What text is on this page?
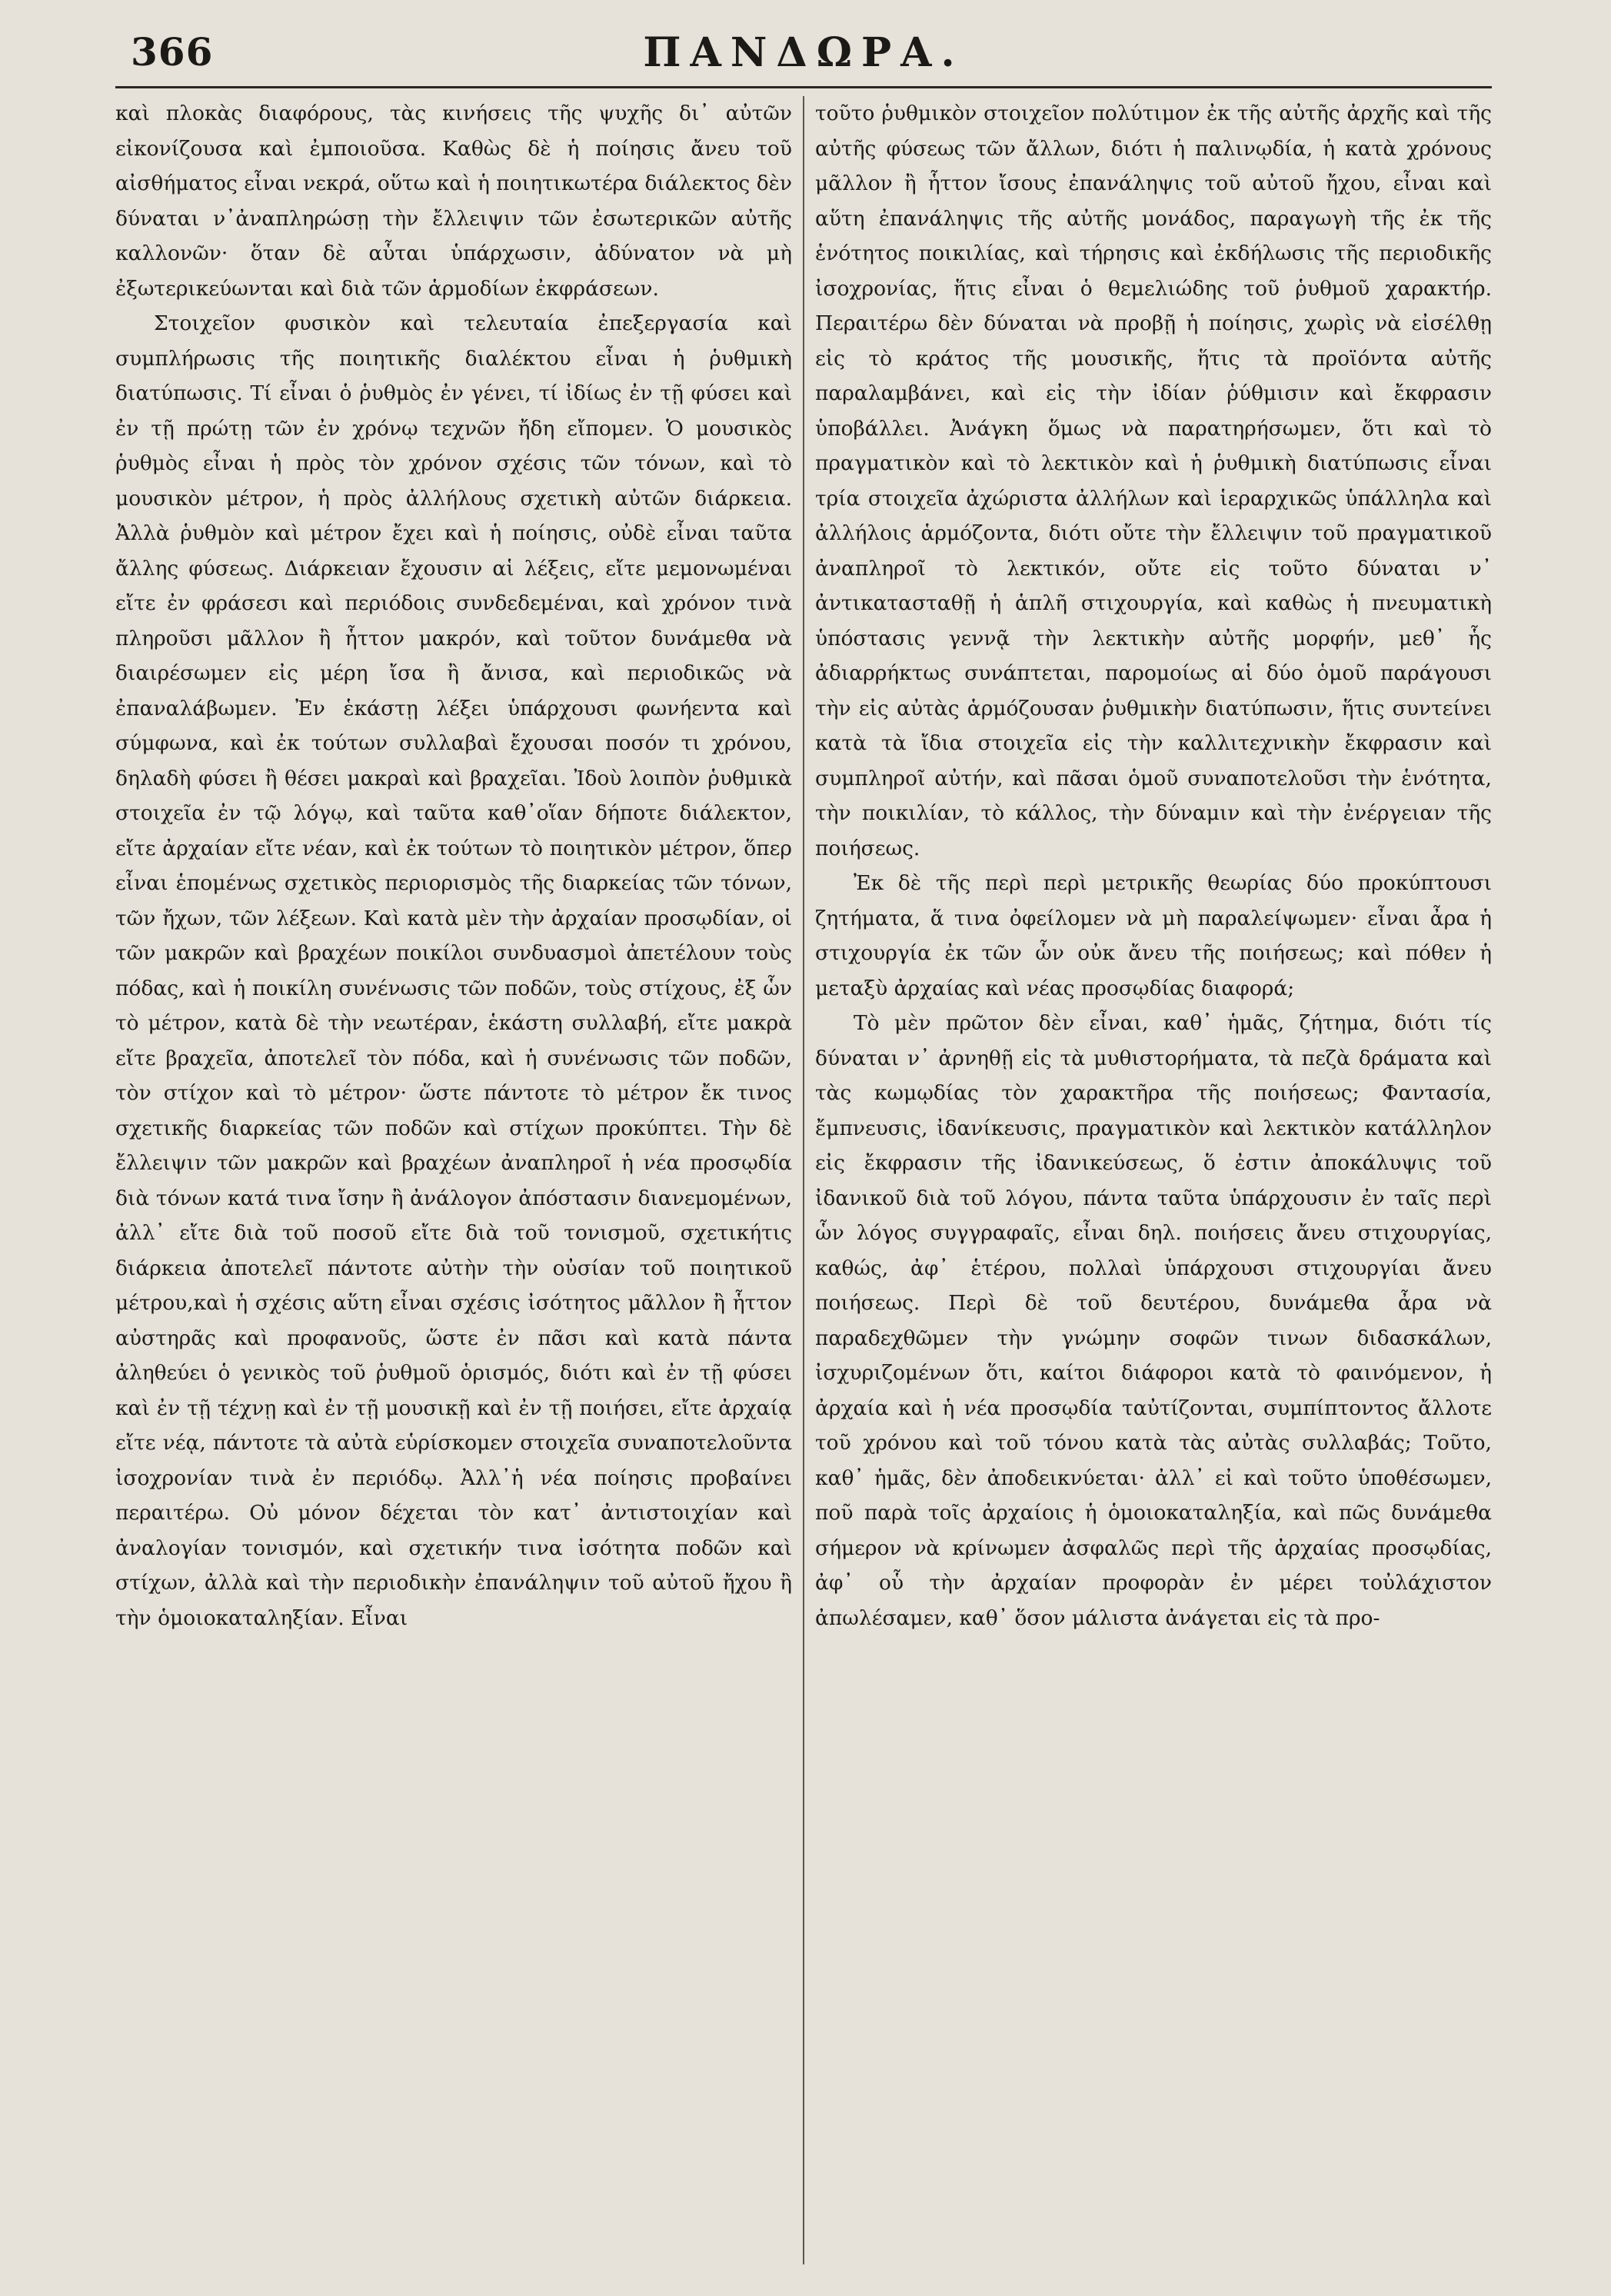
366	ΠΑΝΔΩΡΑ.

καὶ πλοκὰς διαφόρους, τὰς κινήσεις τῆς ψυχῆς δι᾽ αὐτῶν εἰκονίζουσα καὶ ἐμποιοῦσα. Καθὼς δὲ ἡ ποίησις ἄνευ τοῦ αἰσθήματος εἶναι νεκρά, οὕτω καὶ ἡ ποιητικωτέρα διάλεκτος δὲν δύναται ν᾽ἀναπληρώσῃ τὴν ἔλλειψιν τῶν ἐσωτερικῶν αὐτῆς καλλονῶν· ὅταν δὲ αὗται ὑπάρχωσιν, ἀδύνατον νὰ μὴ ἐξωτερικεύωνται καὶ διὰ τῶν ἁρμοδίων ἐκφράσεων.

Στοιχεῖον φυσικὸν καὶ τελευταία ἐπεξεργασία καὶ συμπλήρωσις τῆς ποιητικῆς διαλέκτου εἶναι ἡ ῥυθμικὴ διατύπωσις. Τί εἶναι ὁ ῥυθμὸς ἐν γένει, τί ἰδίως ἐν τῇ φύσει καὶ ἐν τῇ πρώτῃ τῶν ἐν χρόνῳ τεχνῶν ἤδη εἴπομεν. Ὁ μουσικὸς ῥυθμὸς εἶναι ἡ πρὸς τὸν χρόνον σχέσις τῶν τόνων, καὶ τὸ μουσικὸν μέτρον, ἡ πρὸς ἀλλήλους σχετικὴ αὐτῶν διάρκεια. Ἀλλὰ ῥυθμὸν καὶ μέτρον ἔχει καὶ ἡ ποίησις, οὐδὲ εἶναι ταῦτα ἄλλης φύσεως. Διάρκειαν ἔχουσιν αἱ λέξεις, εἴτε μεμονωμέναι εἴτε ἐν φράσεσι καὶ περιόδοις συνδεδεμέναι, καὶ χρόνον τινὰ πληροῦσι μᾶλλον ἢ ἧττον μακρόν, καὶ τοῦτον δυνάμεθα νὰ διαιρέσωμεν εἰς μέρη ἴσα ἢ ἄνισα, καὶ περιοδικῶς νὰ ἐπαναλάβωμεν. Ἐν ἑκάστῃ λέξει ὑπάρχουσι φωνήεντα καὶ σύμφωνα, καὶ ἐκ τούτων συλλαβαὶ ἔχουσαι ποσόν τι χρόνου, δηλαδὴ φύσει ἢ θέσει μακραὶ καὶ βραχεῖαι. Ἰδοὺ λοιπὸν ῥυθμικὰ στοιχεῖα ἐν τῷ λόγῳ, καὶ ταῦτα καθ᾽οἵαν δήποτε διάλεκτον, εἴτε ἀρχαίαν εἴτε νέαν, καὶ ἐκ τούτων τὸ ποιητικὸν μέτρον, ὅπερ εἶναι ἑπομένως σχετικὸς περιορισμὸς τῆς διαρκείας τῶν τόνων, τῶν ἤχων, τῶν λέξεων. Καὶ κατὰ μὲν τὴν ἀρχαίαν προσῳδίαν, οἱ τῶν μακρῶν καὶ βραχέων ποικίλοι συνδυασμοὶ ἀπετέλουν τοὺς πόδας, καὶ ἡ ποικίλη συνένωσις τῶν ποδῶν, τοὺς στίχους, ἐξ ὧν τὸ μέτρον, κατὰ δὲ τὴν νεωτέραν, ἑκάστη συλλαβή, εἴτε μακρὰ εἴτε βραχεῖα, ἀποτελεῖ τὸν πόδα, καὶ ἡ συνένωσις τῶν ποδῶν, τὸν στίχον καὶ τὸ μέτρον· ὥστε πάντοτε τὸ μέτρον ἔκ τινος σχετικῆς διαρκείας τῶν ποδῶν καὶ στίχων προκύπτει. Τὴν δὲ ἔλλειψιν τῶν μακρῶν καὶ βραχέων ἀναπληροῖ ἡ νέα προσῳδία διὰ τόνων κατά τινα ἴσην ἢ ἀνάλογον ἀπόστασιν διανεμομένων, ἀλλ᾽ εἴτε διὰ τοῦ ποσοῦ εἴτε διὰ τοῦ τονισμοῦ, σχετικήτις διάρκεια ἀποτελεῖ πάντοτε αὐτὴν τὴν οὐσίαν τοῦ ποιητικοῦ μέτρου,καὶ ἡ σχέσις αὕτη εἶναι σχέσις ἰσότητος μᾶλλον ἢ ἧττον αὐστηρᾶς καὶ προφανοῦς, ὥστε ἐν πᾶσι καὶ κατὰ πάντα ἀληθεύει ὁ γενικὸς τοῦ ῥυθμοῦ ὁρισμός, διότι καὶ ἐν τῇ φύσει καὶ ἐν τῇ τέχνῃ καὶ ἐν τῇ μουσικῇ καὶ ἐν τῇ ποιήσει, εἴτε ἀρχαίᾳ εἴτε νέᾳ, πάντοτε τὰ αὐτὰ εὑρίσκομεν στοιχεῖα συναποτελοῦντα ἰσοχρονίαν τινὰ ἐν περιόδῳ. Ἀλλ᾽ἡ νέα ποίησις προβαίνει περαιτέρω. Οὐ μόνον δέχεται τὸν κατ᾽ ἀντιστοιχίαν καὶ ἀναλογίαν τονισμόν, καὶ σχετικήν τινα ἰσότητα ποδῶν καὶ στίχων, ἀλλὰ καὶ τὴν περιοδικὴν ἐπανάληψιν τοῦ αὐτοῦ ἤχου ἢ τὴν ὁμοιοκαταληξίαν. Εἶναι

τοῦτο ῥυθμικὸν στοιχεῖον πολύτιμον ἐκ τῆς αὐτῆς ἀρχῆς καὶ τῆς αὐτῆς φύσεως τῶν ἄλλων, διότι ἡ παλινῳδία, ἡ κατὰ χρόνους μᾶλλον ἢ ἧττον ἴσους ἐπανάληψις τοῦ αὐτοῦ ἤχου, εἶναι καὶ αὕτη ἐπανάληψις τῆς αὐτῆς μονάδος, παραγωγὴ τῆς ἐκ τῆς ἑνότητος ποικιλίας, καὶ τήρησις καὶ ἐκδήλωσις τῆς περιοδικῆς ἰσοχρονίας, ἥτις εἶναι ὁ θεμελιώδης τοῦ ῥυθμοῦ χαρακτήρ. Περαιτέρω δὲν δύναται νὰ προβῇ ἡ ποίησις, χωρὶς νὰ εἰσέλθῃ εἰς τὸ κράτος τῆς μουσικῆς, ἥτις τὰ προϊόντα αὐτῆς παραλαμβάνει, καὶ εἰς τὴν ἰδίαν ῥύθμισιν καὶ ἔκφρασιν ὑποβάλλει. Ἀνάγκη ὅμως νὰ παρατηρήσωμεν, ὅτι καὶ τὸ πραγματικὸν καὶ τὸ λεκτικὸν καὶ ἡ ῥυθμικὴ διατύπωσις εἶναι τρία στοιχεῖα ἀχώριστα ἀλλήλων καὶ ἱεραρχικῶς ὑπάλληλα καὶ ἀλλήλοις ἁρμόζοντα, διότι οὔτε τὴν ἔλλειψιν τοῦ πραγματικοῦ ἀναπληροῖ τὸ λεκτικόν, οὔτε εἰς τοῦτο δύναται ν᾽ ἀντικατασταθῇ ἡ ἁπλῆ στιχουργία, καὶ καθὼς ἡ πνευματικὴ ὑπόστασις γεννᾷ τὴν λεκτικὴν αὐτῆς μορφήν, μεθ᾽ ἧς ἀδιαρρήκτως συνάπτεται, παρομοίως αἱ δύο ὁμοῦ παράγουσι τὴν εἰς αὐτὰς ἁρμόζουσαν ῥυθμικὴν διατύπωσιν, ἥτις συντείνει κατὰ τὰ ἴδια στοιχεῖα εἰς τὴν καλλιτεχνικὴν ἔκφρασιν καὶ συμπληροῖ αὐτήν, καὶ πᾶσαι ὁμοῦ συναποτελοῦσι τὴν ἑνότητα, τὴν ποικιλίαν, τὸ κάλλος, τὴν δύναμιν καὶ τὴν ἐνέργειαν τῆς ποιήσεως.

Ἐκ δὲ τῆς περὶ περὶ μετρικῆς θεωρίας δύο προκύπτουσι ζητήματα, ἅ τινα ὀφείλομεν νὰ μὴ παραλείψωμεν· εἶναι ἆρα ἡ στιχουργία ἐκ τῶν ὧν οὐκ ἄνευ τῆς ποιήσεως; καὶ πόθεν ἡ μεταξὺ ἀρχαίας καὶ νέας προσῳδίας διαφορά;

Τὸ μὲν πρῶτον δὲν εἶναι, καθ᾽ ἡμᾶς, ζήτημα, διότι τίς δύναται ν᾽ ἀρνηθῇ εἰς τὰ μυθιστορήματα, τὰ πεζὰ δράματα καὶ τὰς κωμῳδίας τὸν χαρακτῆρα τῆς ποιήσεως; Φαντασία, ἔμπνευσις, ἰδανίκευσις, πραγματικὸν καὶ λεκτικὸν κατάλληλον εἰς ἔκφρασιν τῆς ἰδανικεύσεως, ὅ ἐστιν ἀποκάλυψις τοῦ ἰδανικοῦ διὰ τοῦ λόγου, πάντα ταῦτα ὑπάρχουσιν ἐν ταῖς περὶ ὧν λόγος συγγραφαῖς, εἶναι δηλ. ποιήσεις ἄνευ στιχουργίας, καθώς, ἀφ᾽ ἑτέρου, πολλαὶ ὑπάρχουσι στιχουργίαι ἄνευ ποιήσεως. Περὶ δὲ τοῦ δευτέρου, δυνάμεθα ἆρα νὰ παραδεχθῶμεν τὴν γνώμην σοφῶν τινων διδασκάλων, ἰσχυριζομένων ὅτι, καίτοι διάφοροι κατὰ τὸ φαινόμενον, ἡ ἀρχαία καὶ ἡ νέα προσῳδία ταὐτίζονται, συμπίπτοντος ἄλλοτε τοῦ χρόνου καὶ τοῦ τόνου κατὰ τὰς αὐτὰς συλλαβάς; Τοῦτο, καθ᾽ ἡμᾶς, δὲν ἀποδεικνύεται· ἀλλ᾽ εἰ καὶ τοῦτο ὑποθέσωμεν, ποῦ παρὰ τοῖς ἀρχαίοις ἡ ὁμοιοκαταληξία, καὶ πῶς δυνάμεθα σήμερον νὰ κρίνωμεν ἀσφαλῶς περὶ τῆς ἀρχαίας προσῳδίας, ἀφ᾽ οὗ τὴν ἀρχαίαν προφορὰν ἐν μέρει τοὐλάχιστον ἀπωλέσαμεν, καθ᾽ ὅσον μάλιστα ἀνάγεται εἰς τὰ προ-
